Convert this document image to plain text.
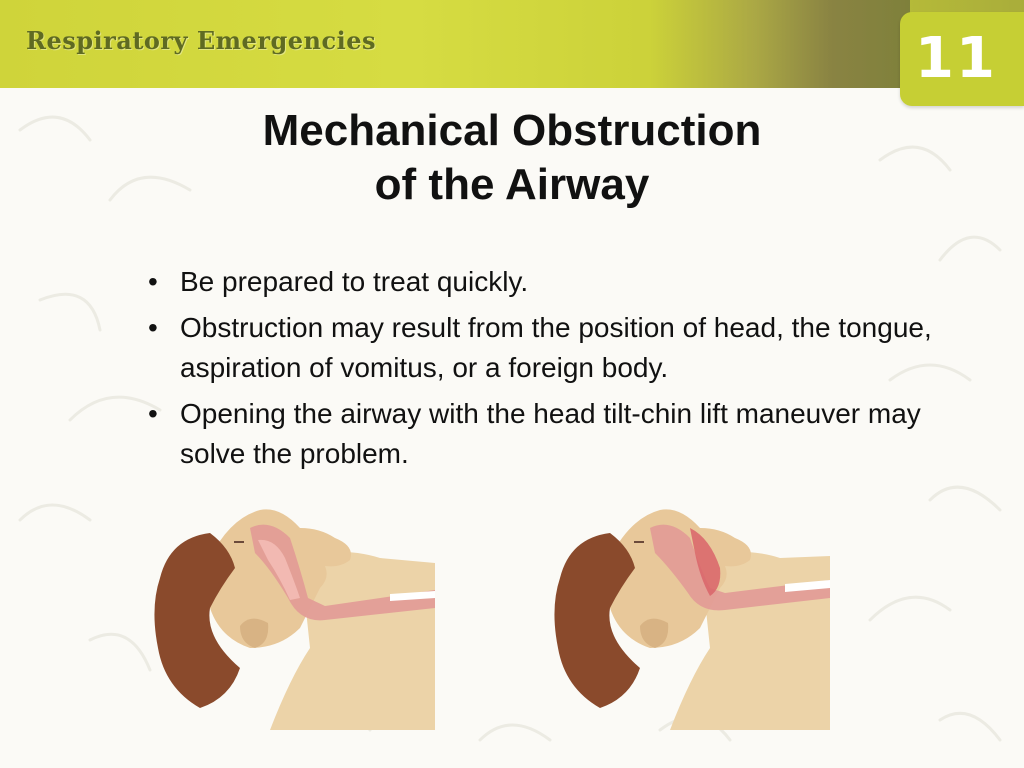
Respiratory Emergencies	11
Mechanical Obstruction
of the Airway
• Be prepared to treat quickly.
• Obstruction may result from the position of head, the tongue, aspiration of vomitus, or a foreign body.
• Opening the airway with the head tilt-chin lift maneuver may solve the problem.
